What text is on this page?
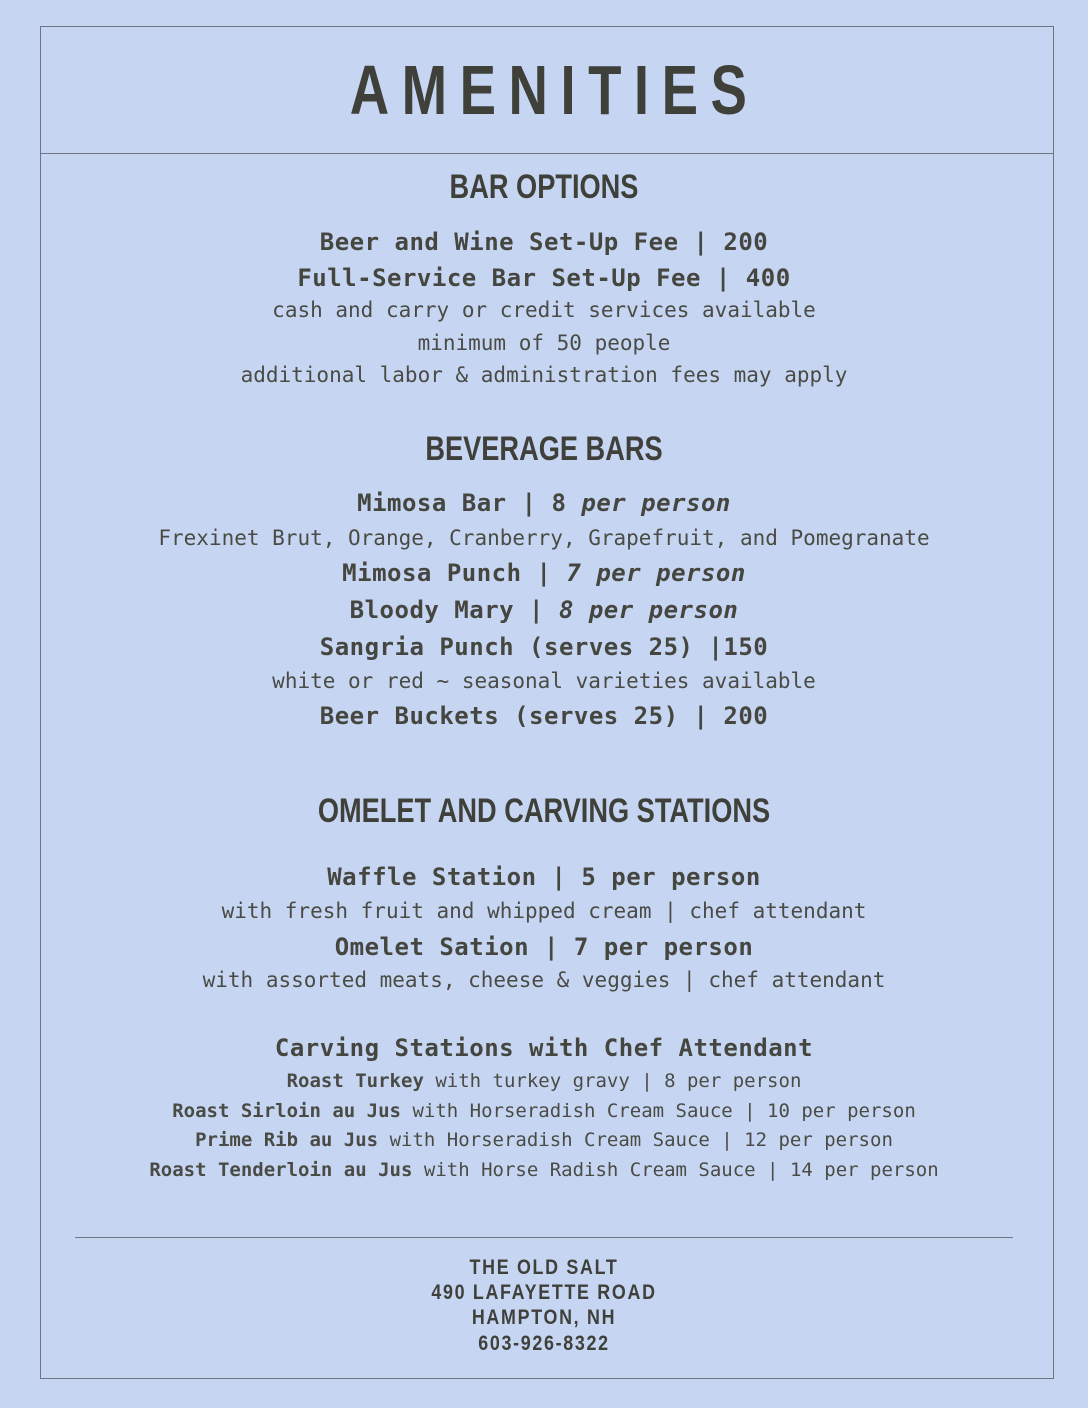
AMENITIES
BAR OPTIONS
Beer and Wine Set-Up Fee | 200
Full-Service Bar Set-Up Fee | 400
cash and carry or credit services available
minimum of 50 people
additional labor & administration fees may apply
BEVERAGE BARS
Mimosa Bar | 8 per person
Frexinet Brut, Orange, Cranberry, Grapefruit, and Pomegranate
Mimosa Punch | 7 per person
Bloody Mary | 8 per person
Sangria Punch (serves 25) |150
white or red ~ seasonal varieties available
Beer Buckets (serves 25) | 200
OMELET AND CARVING STATIONS
Waffle Station | 5 per person
with fresh fruit and whipped cream | chef attendant
Omelet Sation | 7 per person
with assorted meats, cheese & veggies | chef attendant
Carving Stations with Chef Attendant
Roast Turkey with turkey gravy | 8 per person
Roast Sirloin au Jus with Horseradish Cream Sauce | 10 per person
Prime Rib au Jus with Horseradish Cream Sauce | 12 per person
Roast Tenderloin au Jus with Horse Radish Cream Sauce | 14 per person
THE OLD SALT
490 LAFAYETTE ROAD
HAMPTON, NH
603-926-8322
